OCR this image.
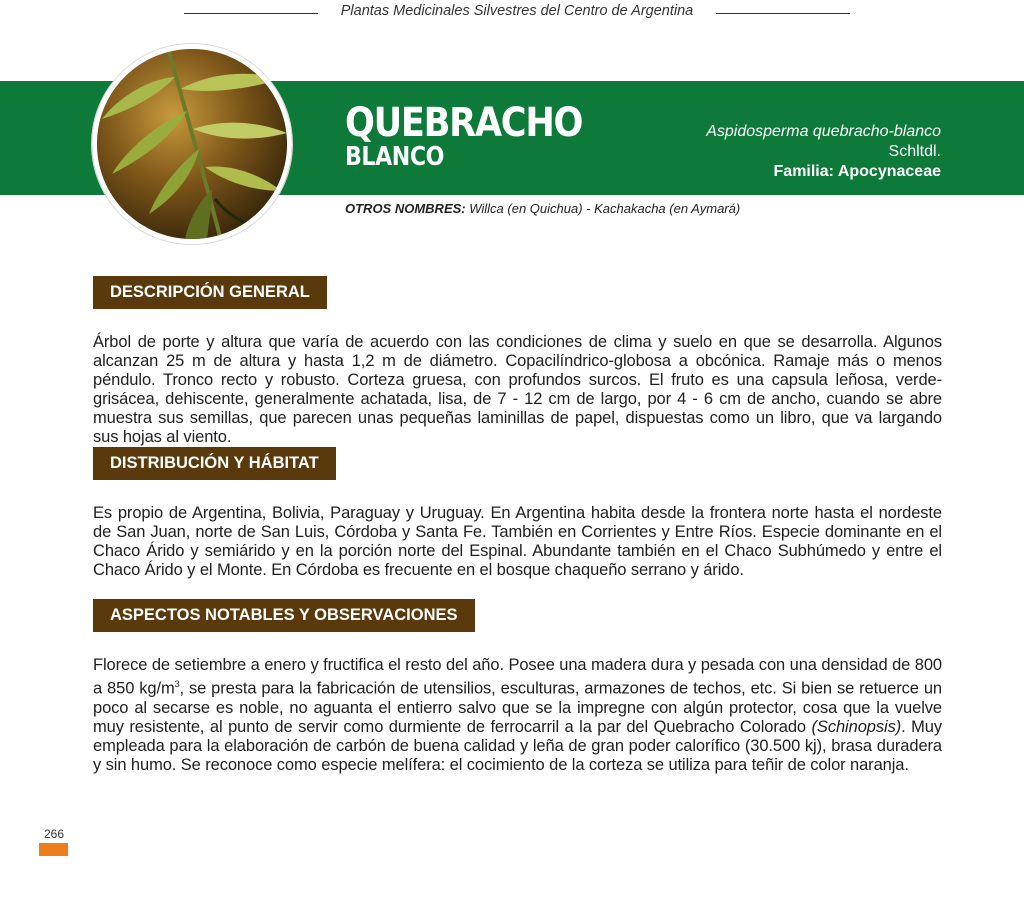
Plantas Medicinales Silvestres del Centro de Argentina
QUEBRACHO
BLANCO
Aspidosperma quebracho-blanco
Schltdl.
Familia: Apocynaceae
OTROS NOMBRES: Willca (en Quichua) - Kachakacha (en Aymará)
DESCRIPCIÓN GENERAL
Árbol de porte y altura que varía de acuerdo con las condiciones de clima y suelo en que se desarrolla. Algunos alcanzan 25 m de altura y hasta 1,2 m de diámetro. Copacilíndrico-globosa a obcónica. Ramaje más o menos péndulo. Tronco recto y robusto. Corteza gruesa, con profundos surcos. El fruto es una capsula leñosa, verde-grisácea, dehiscente, generalmente achatada, lisa, de 7 - 12 cm de largo, por 4 - 6 cm de ancho, cuando se abre muestra sus semillas, que parecen unas pequeñas laminillas de papel, dispuestas como un libro, que va largando sus hojas al viento.
DISTRIBUCIÓN Y HÁBITAT
Es propio de Argentina, Bolivia, Paraguay y Uruguay. En Argentina habita desde la frontera norte hasta el nordeste de San Juan, norte de San Luis, Córdoba y Santa Fe. También en Corrientes y Entre Ríos. Especie dominante en el Chaco Árido y semiárido y en la porción norte del Espinal. Abundante también en el Chaco Subhúmedo y entre el Chaco Árido y el Monte. En Córdoba es frecuente en el bosque chaqueño serrano y árido.
ASPECTOS NOTABLES Y OBSERVACIONES
Florece de setiembre a enero y fructifica el resto del año. Posee una madera dura y pesada con una densidad de 800 a 850 $kg/m^3$, se presta para la fabricación de utensilios, esculturas, armazones de techos, etc. Si bien se retuerce un poco al secarse es noble, no aguanta el entierro salvo que se la impregne con algún protector, cosa que la vuelve muy resistente, al punto de servir como durmiente de ferrocarril a la par del Quebracho Colorado (Schinopsis). Muy empleada para la elaboración de carbón de buena calidad y leña de gran poder calorífico (30.500 kj), brasa duradera y sin humo. Se reconoce como especie melífera: el cocimiento de la corteza se utiliza para teñir de color naranja.
266
